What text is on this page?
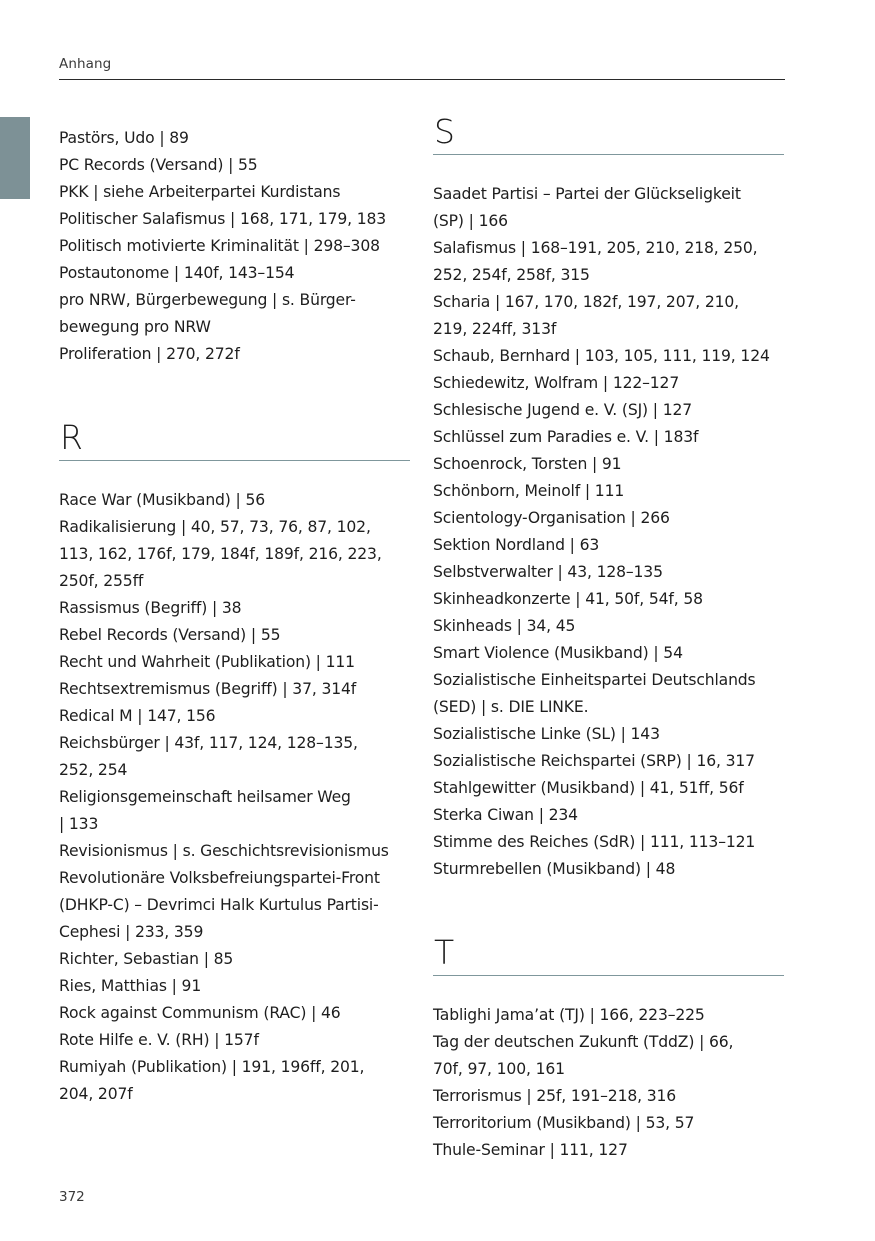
Anhang
Pastörs, Udo | 89
PC Records (Versand) | 55
PKK | siehe Arbeiterpartei Kurdistans
Politischer Salafismus | 168, 171, 179, 183
Politisch motivierte Kriminalität | 298–308
Postautonome | 140f, 143–154
pro NRW, Bürgerbewegung | s. Bürger-
bewegung pro NRW
Proliferation | 270, 272f
R
Race War (Musikband) | 56
Radikalisierung | 40, 57, 73, 76, 87, 102,
113, 162, 176f, 179, 184f, 189f, 216, 223,
250f, 255ff
Rassismus (Begriff) | 38
Rebel Records (Versand) | 55
Recht und Wahrheit (Publikation) | 111
Rechtsextremismus (Begriff) | 37, 314f
Redical M | 147, 156
Reichsbürger | 43f, 117, 124, 128–135,
252, 254
Religionsgemeinschaft heilsamer Weg
| 133
Revisionismus | s. Geschichtsrevisionismus
Revolutionäre Volksbefreiungspartei-Front
(DHKP-C) – Devrimci Halk Kurtulus Partisi-
Cephesi | 233, 359
Richter, Sebastian | 85
Ries, Matthias | 91
Rock against Communism (RAC) | 46
Rote Hilfe e. V. (RH) | 157f
Rumiyah (Publikation) | 191, 196ff, 201,
204, 207f
S
Saadet Partisi – Partei der Glückseligkeit
(SP) | 166
Salafismus | 168–191, 205, 210, 218, 250,
252, 254f, 258f, 315
Scharia | 167, 170, 182f, 197, 207, 210,
219, 224ff, 313f
Schaub, Bernhard | 103, 105, 111, 119, 124
Schiedewitz, Wolfram | 122–127
Schlesische Jugend e. V. (SJ) | 127
Schlüssel zum Paradies e. V. | 183f
Schoenrock, Torsten | 91
Schönborn, Meinolf | 111
Scientology-Organisation | 266
Sektion Nordland | 63
Selbstverwalter | 43, 128–135
Skinheadkonzerte | 41, 50f, 54f, 58
Skinheads | 34, 45
Smart Violence (Musikband) | 54
Sozialistische Einheitspartei Deutschlands
(SED) | s. DIE LINKE.
Sozialistische Linke (SL) | 143
Sozialistische Reichspartei (SRP) | 16, 317
Stahlgewitter (Musikband) | 41, 51ff, 56f
Sterka Ciwan | 234
Stimme des Reiches (SdR) | 111, 113–121
Sturmrebellen (Musikband) | 48
T
Tablighi Jama’at (TJ) | 166, 223–225
Tag der deutschen Zukunft (TddZ) | 66,
70f, 97, 100, 161
Terrorismus | 25f, 191–218, 316
Terroritorium (Musikband) | 53, 57
Thule-Seminar | 111, 127
372
